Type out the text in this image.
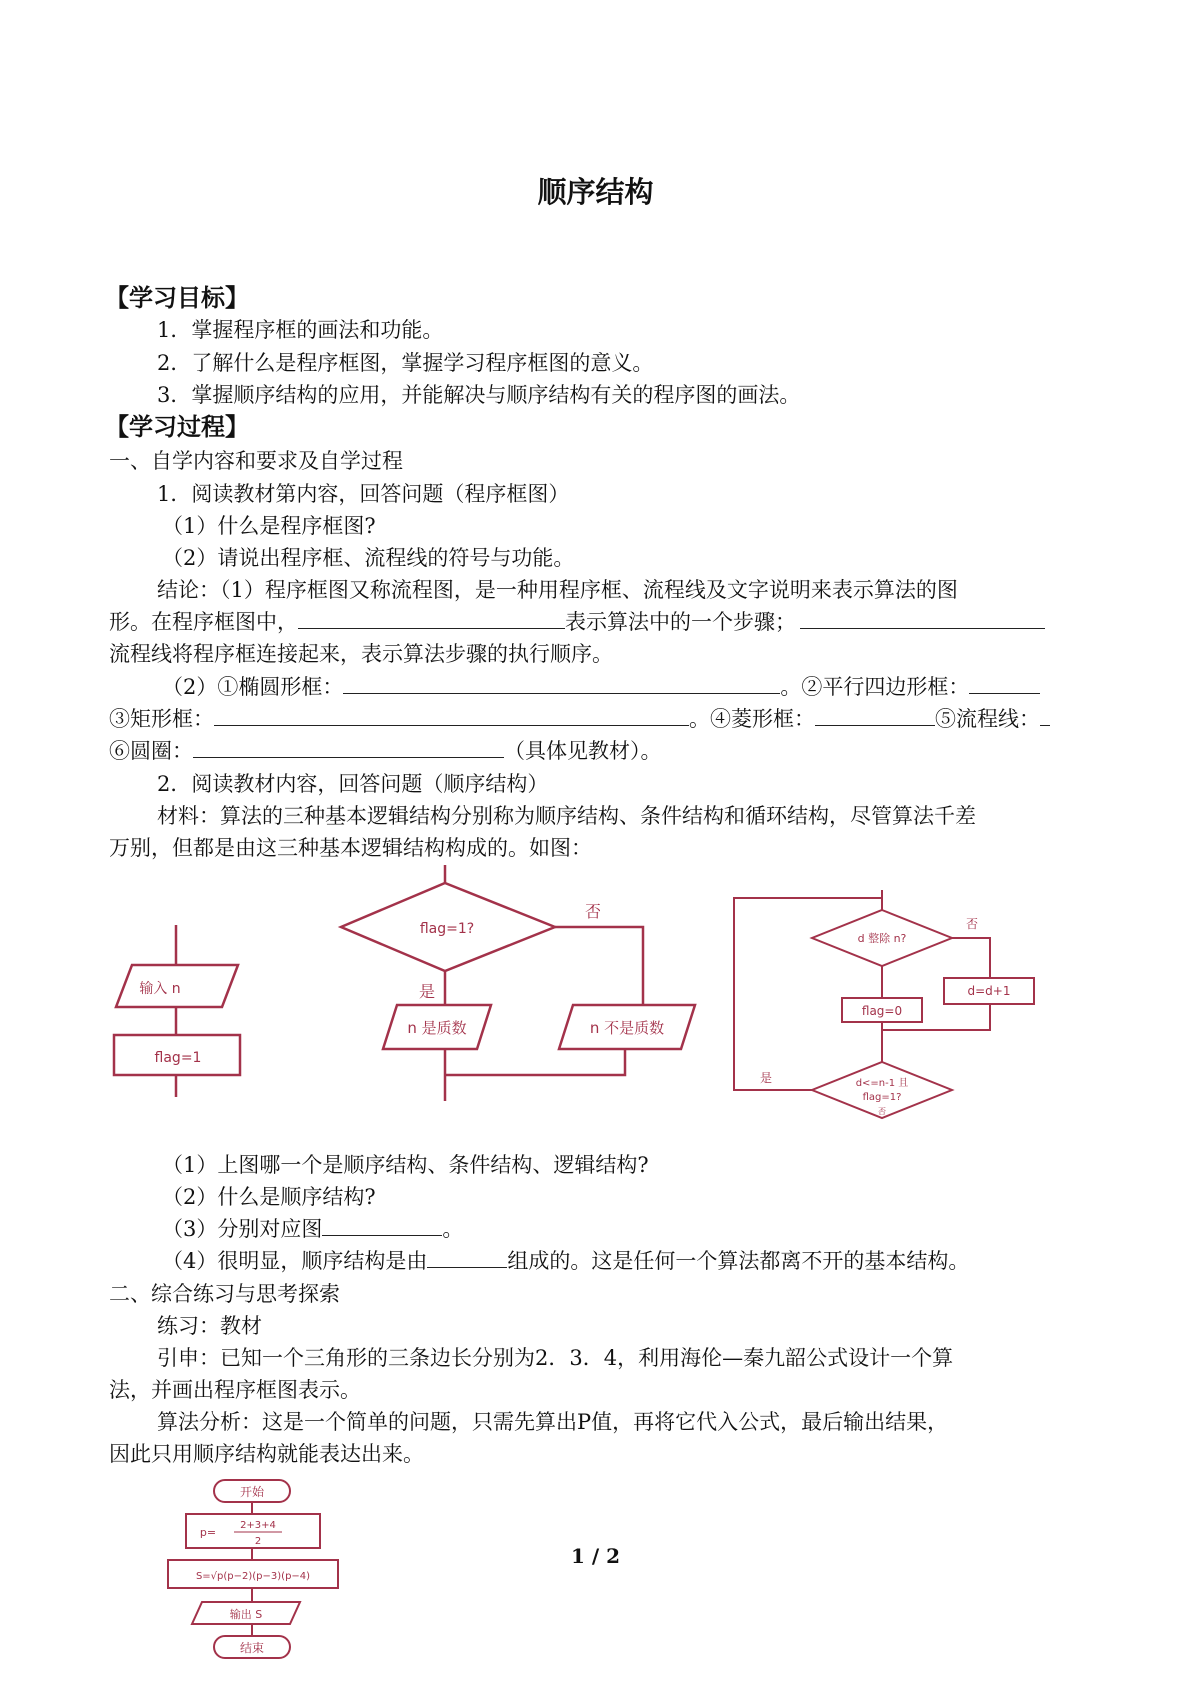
顺序结构

【学习目标】

1．掌握程序框的画法和功能。

2．了解什么是程序框图，掌握学习程序框图的意义。

3．掌握顺序结构的应用，并能解决与顺序结构有关的程序图的画法。

【学习过程】

一、自学内容和要求及自学过程

1．阅读教材第内容，回答问题（程序框图）

（1）什么是程序框图?

（2）请说出程序框、流程线的符号与功能。

结论：（1）程序框图又称流程图，是一种用程序框、流程线及文字说明来表示算法的图

形。在程序框图中，	表示算法中的一个步骤；

流程线将程序框连接起来，表示算法步骤的执行顺序。

（2）①椭圆形框：	。②平行四边形框：

③矩形框：	。④菱形框：	⑤流程线：

⑥圆圈：	（具体见教材）。

2．阅读教材内容，回答问题（顺序结构）

材料：算法的三种基本逻辑结构分别称为顺序结构、条件结构和循环结构，尽管算法千差

万别，但都是由这三种基本逻辑结构构成的。如图：

输入 n
flag=1
flag=1?
否
是
n 是质数	n 不是质数
d 整除 n?
否
d=d+1
flag=0
d<=n-1 且
flag=1?
是
否

（1）上图哪一个是顺序结构、条件结构、逻辑结构?

（2）什么是顺序结构?

（3）分别对应图	。

（4）很明显，顺序结构是由	组成的。这是任何一个算法都离不开的基本结构。

二、综合练习与思考探索

练习：教材

引申：已知一个三角形的三条边长分别为2．3．4，利用海伦—秦九韶公式设计一个算

法，并画出程序框图表示。

算法分析：这是一个简单的问题，只需先算出P值，再将它代入公式，最后输出结果，

因此只用顺序结构就能表达出来。

开始
p=
2+3+4
2
S=√p(p−2)(p−3)(p−4)
输出 S
结束
1 / 2
